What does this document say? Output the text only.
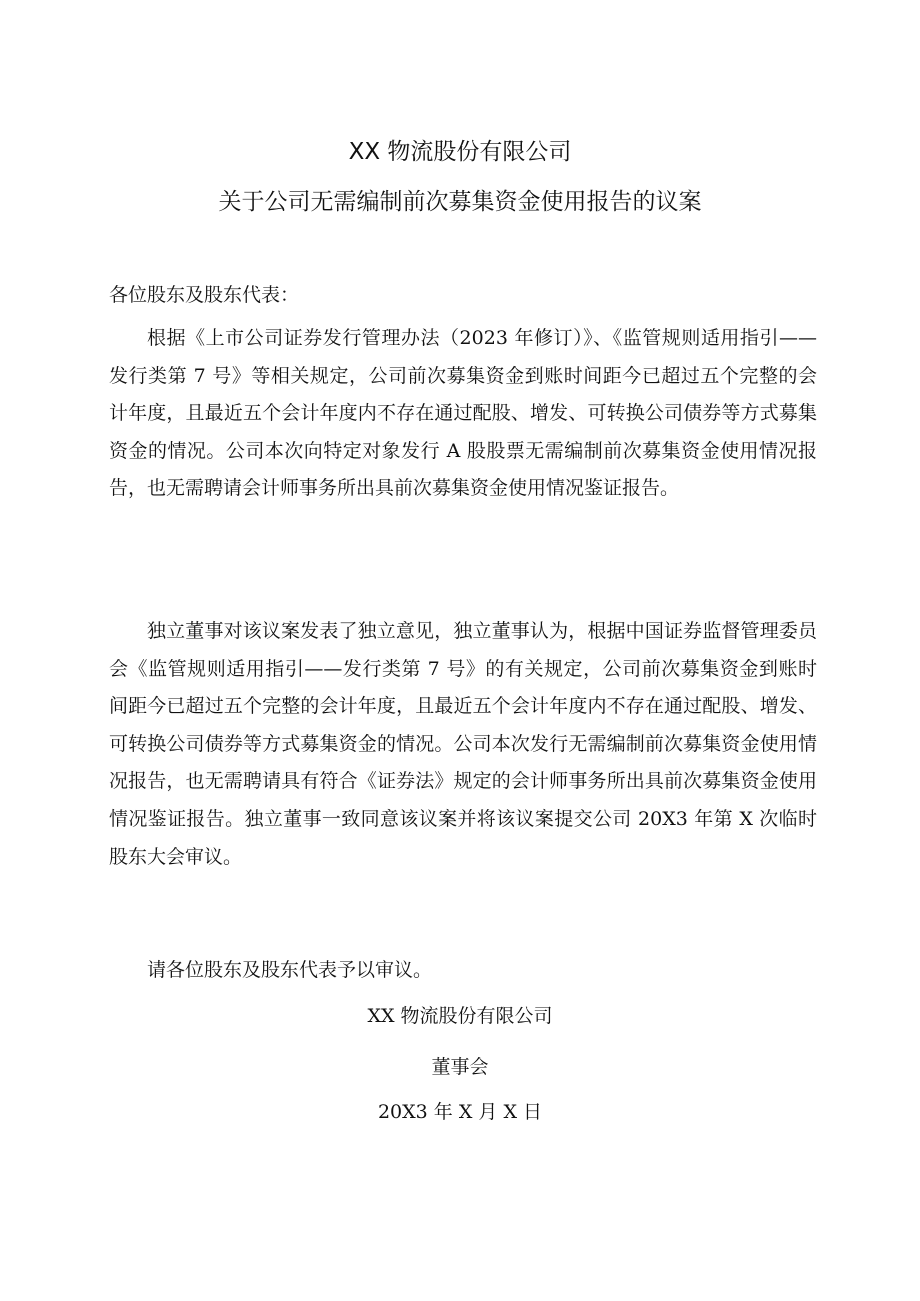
XX 物流股份有限公司
关于公司无需编制前次募集资金使用报告的议案
各位股东及股东代表：

根据《上市公司证券发行管理办法（2023 年修订）》、《监管规则适用指引——发行类第 7 号》等相关规定，公司前次募集资金到账时间距今已超过五个完整的会计年度，且最近五个会计年度内不存在通过配股、增发、可转换公司债券等方式募集资金的情况。公司本次向特定对象发行 A 股股票无需编制前次募集资金使用情况报告，也无需聘请会计师事务所出具前次募集资金使用情况鉴证报告。

独立董事对该议案发表了独立意见，独立董事认为，根据中国证券监督管理委员会《监管规则适用指引——发行类第 7 号》的有关规定，公司前次募集资金到账时间距今已超过五个完整的会计年度，且最近五个会计年度内不存在通过配股、增发、可转换公司债券等方式募集资金的情况。公司本次发行无需编制前次募集资金使用情况报告，也无需聘请具有符合《证券法》规定的会计师事务所出具前次募集资金使用情况鉴证报告。独立董事一致同意该议案并将该议案提交公司 20X3 年第 X 次临时股东大会审议。

请各位股东及股东代表予以审议。

XX 物流股份有限公司
董事会
20X3 年 X 月 X 日
